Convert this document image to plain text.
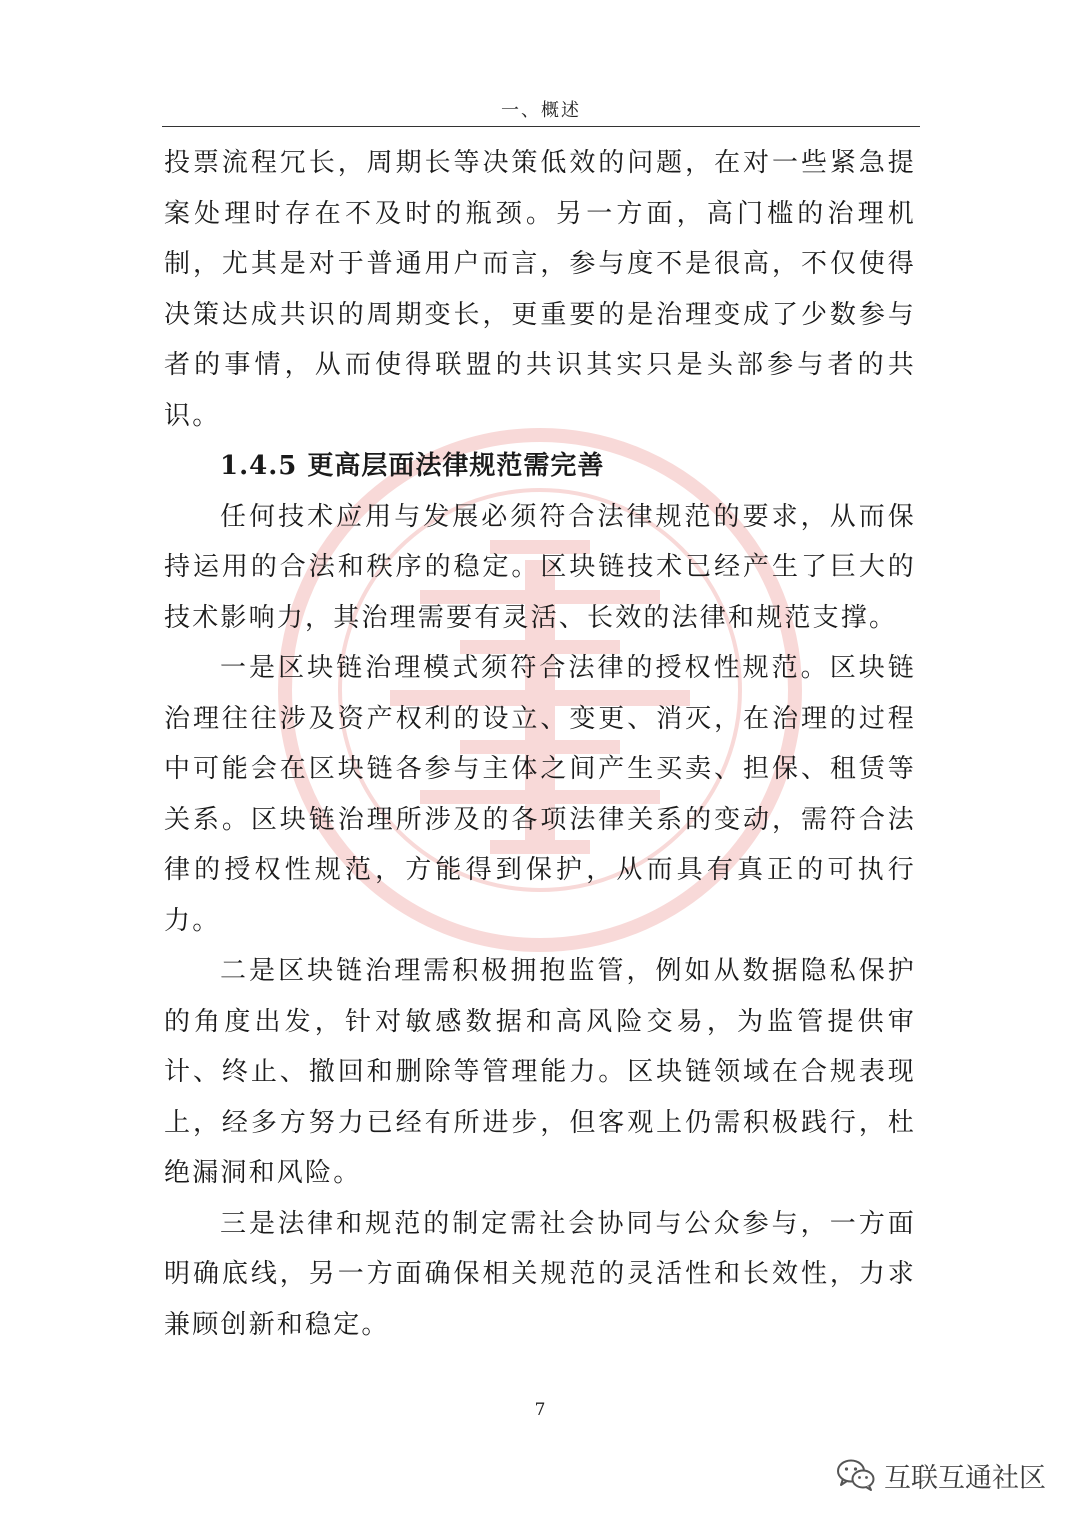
一、概述

投票流程冗长，周期长等决策低效的问题，在对一些紧急提案处理时存在不及时的瓶颈。另一方面，高门槛的治理机制，尤其是对于普通用户而言，参与度不是很高，不仅使得决策达成共识的周期变长，更重要的是治理变成了少数参与者的事情，从而使得联盟的共识其实只是头部参与者的共识。

1.4.5 更高层面法律规范需完善

任何技术应用与发展必须符合法律规范的要求，从而保持运用的合法和秩序的稳定。区块链技术已经产生了巨大的技术影响力，其治理需要有灵活、长效的法律和规范支撑。

一是区块链治理模式须符合法律的授权性规范。区块链治理往往涉及资产权利的设立、变更、消灭，在治理的过程中可能会在区块链各参与主体之间产生买卖、担保、租赁等关系。区块链治理所涉及的各项法律关系的变动，需符合法律的授权性规范，方能得到保护，从而具有真正的可执行力。

二是区块链治理需积极拥抱监管，例如从数据隐私保护的角度出发，针对敏感数据和高风险交易，为监管提供审计、终止、撤回和删除等管理能力。区块链领域在合规表现上，经多方努力已经有所进步，但客观上仍需积极践行，杜绝漏洞和风险。

三是法律和规范的制定需社会协同与公众参与，一方面明确底线，另一方面确保相关规范的灵活性和长效性，力求兼顾创新和稳定。

7
互联互通社区
